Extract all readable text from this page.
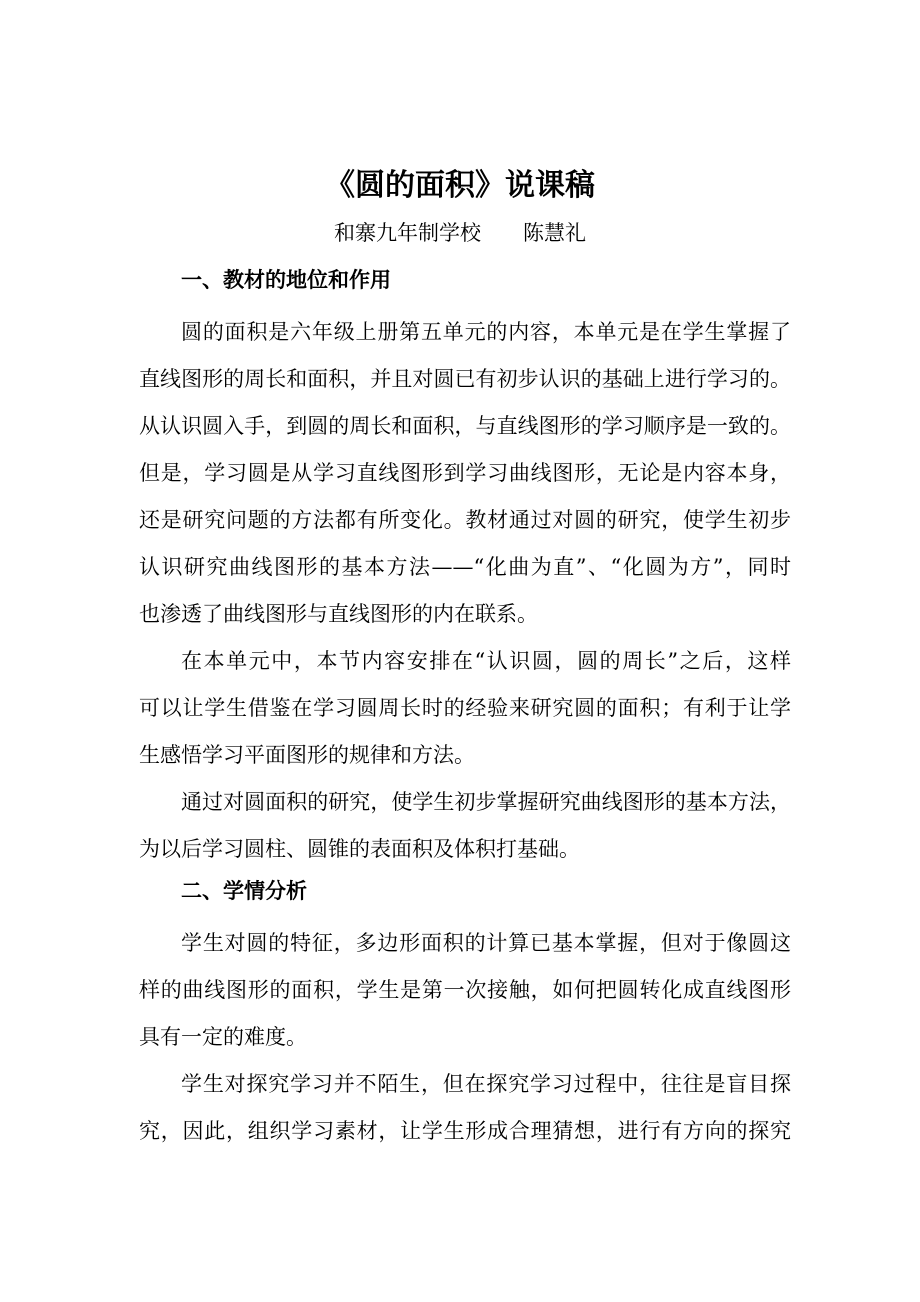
《圆的面积》说课稿
和寨九年制学校 陈慧礼
一、教材的地位和作用
圆的面积是六年级上册第五单元的内容，本单元是在学生掌握了
直线图形的周长和面积，并且对圆已有初步认识的基础上进行学习的。
从认识圆入手，到圆的周长和面积，与直线图形的学习顺序是一致的。
但是，学习圆是从学习直线图形到学习曲线图形，无论是内容本身，
还是研究问题的方法都有所变化。教材通过对圆的研究，使学生初步
认识研究曲线图形的基本方法——“化曲为直”、“化圆为方”，同时
也渗透了曲线图形与直线图形的内在联系。
在本单元中，本节内容安排在“认识圆，圆的周长”之后，这样
可以让学生借鉴在学习圆周长时的经验来研究圆的面积；有利于让学
生感悟学习平面图形的规律和方法。
通过对圆面积的研究，使学生初步掌握研究曲线图形的基本方法，
为以后学习圆柱、圆锥的表面积及体积打基础。
二、学情分析
学生对圆的特征，多边形面积的计算已基本掌握，但对于像圆这
样的曲线图形的面积，学生是第一次接触，如何把圆转化成直线图形
具有一定的难度。
学生对探究学习并不陌生，但在探究学习过程中，往往是盲目探
究，因此，组织学习素材，让学生形成合理猜想，进行有方向的探究
